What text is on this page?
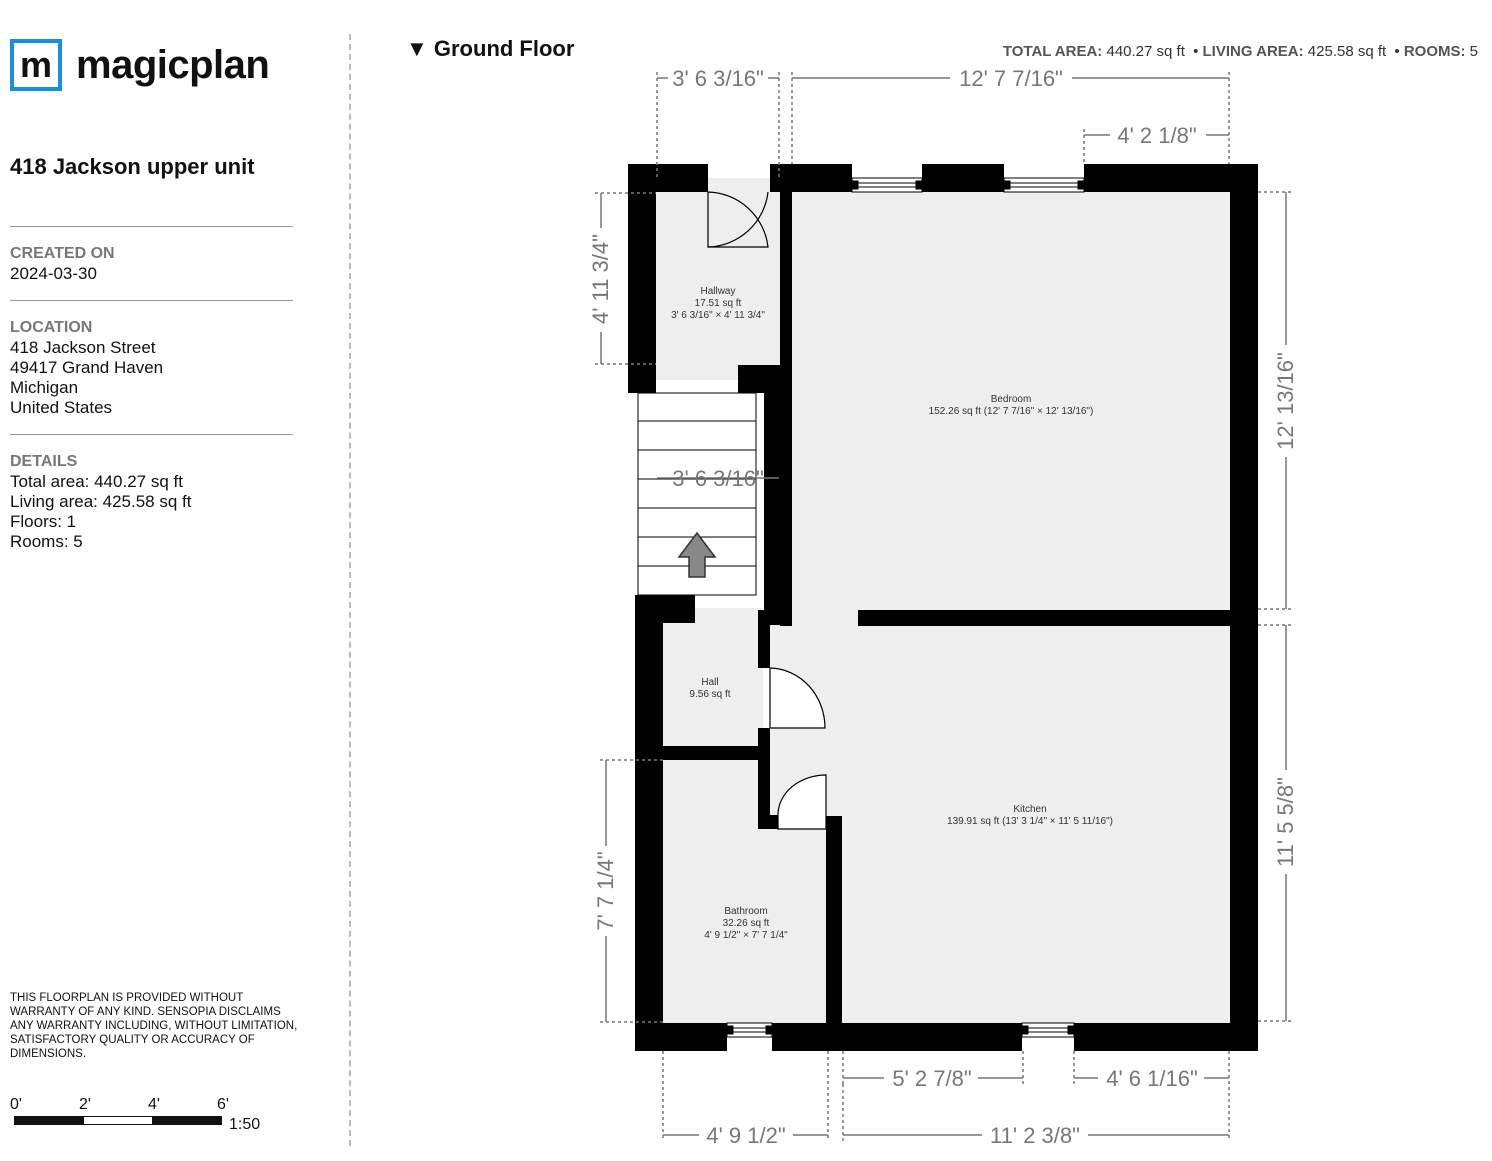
m magicplan
418 Jackson upper unit
CREATED ON
2024-03-30
LOCATION
418 Jackson Street
49417 Grand Haven
Michigan
United States
DETAILS
Total area: 440.27 sq ft
Living area: 425.58 sq ft
Floors: 1
Rooms: 5
THIS FLOORPLAN IS PROVIDED WITHOUT WARRANTY OF ANY KIND. SENSOPIA DISCLAIMS ANY WARRANTY INCLUDING, WITHOUT LIMITATION, SATISFACTORY QUALITY OR ACCURACY OF DIMENSIONS.
0'	2'	4'	6'
1:50
▼ Ground Floor	TOTAL AREA: 440.27 sq ft • LIVING AREA: 425.58 sq ft • ROOMS: 5
3' 6 3/16"	12' 7 7/16"
4' 2 1/8"
4' 11 3/4"
3' 6 3/16"
12' 13/16"
11' 5 5/8"
7' 7 1/4"
5' 2 7/8"	4' 6 1/16"
4' 9 1/2"	11' 2 3/8"
Hallway
17.51 sq ft
3' 6 3/16" × 4' 11 3/4"
Bedroom
152.26 sq ft (12' 7 7/16" × 12' 13/16")
Hall
9.56 sq ft
Kitchen
139.91 sq ft (13' 3 1/4" × 11' 5 11/16")
Bathroom
32.26 sq ft
4' 9 1/2" × 7' 7 1/4"
